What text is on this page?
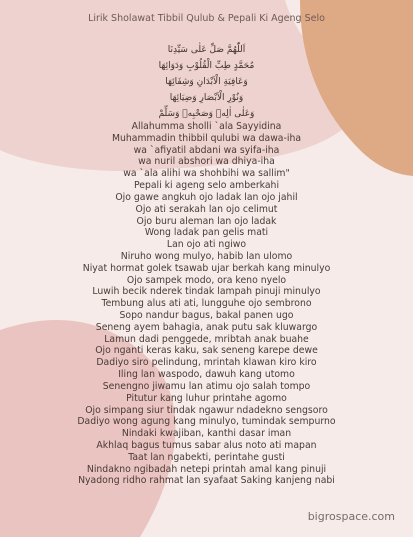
Lirik Sholawat Tibbil Qulub & Pepali Ki Ageng Selo
اَللّٰهُمَّ صَلِّ عَلٰى سَيِّدِنَا
مُحَمَّدٍ طِبِّ الْقُلُوْبِ وَدَوَائِهَا
وَعَافِيَةِ الْاَبْدَانِ وَشِفَائِهَا
وَنُوْرِ الْاَبْصَارِ وَضِيَائِهَا
وَعَلٰى اٰلِهٖ وَصَحْبِهٖ وَسَلِّمْ
Allahumma sholli `ala Sayyidina
Muhammadin thibbil qulubi wa dawa-iha
wa `afiyatil abdani wa syifa-iha
wa nuril abshori wa dhiya-iha
wa `ala alihi wa shohbihi wa sallim"
Pepali ki ageng selo amberkahi
Ojo gawe angkuh ojo ladak lan ojo jahil
Ojo ati serakah lan ojo celimut
Ojo buru aleman lan ojo ladak
Wong ladak pan gelis mati
Lan ojo ati ngiwo
Niruho wong mulyo, habib lan ulomo
Niyat hormat golek tsawab ujar berkah kang minulyo
Ojo sampek modo, ora keno nyelo
Luwih becik nderek tindak lampah pinuji minulyo
Tembung alus ati ati, lungguhe ojo sembrono
Sopo nandur bagus, bakal panen ugo
Seneng ayem bahagia, anak putu sak kluwargo
Lamun dadi penggede, mribtah anak buahe
Ojo nganti keras kaku, sak seneng karepe dewe
Dadiyo siro pelindung, mrintah klawan kiro kiro
Iling lan waspodo, dawuh kang utomo
Senengno jiwamu lan atimu ojo salah tompo
Pitutur kang luhur printahe agomo
Ojo simpang siur tindak ngawur ndadekno sengsoro
Dadiyo wong agung kang minulyo, tumindak sempurno
Nindaki kwajiban, kanthi dasar iman
Akhlaq bagus tumus sabar alus noto ati mapan
Taat lan ngabekti, perintahe gusti
Nindakno ngibadah netepi printah amal kang pinuji
Nyadong ridho rahmat lan syafaat Saking kanjeng nabi
bigrospace.com
